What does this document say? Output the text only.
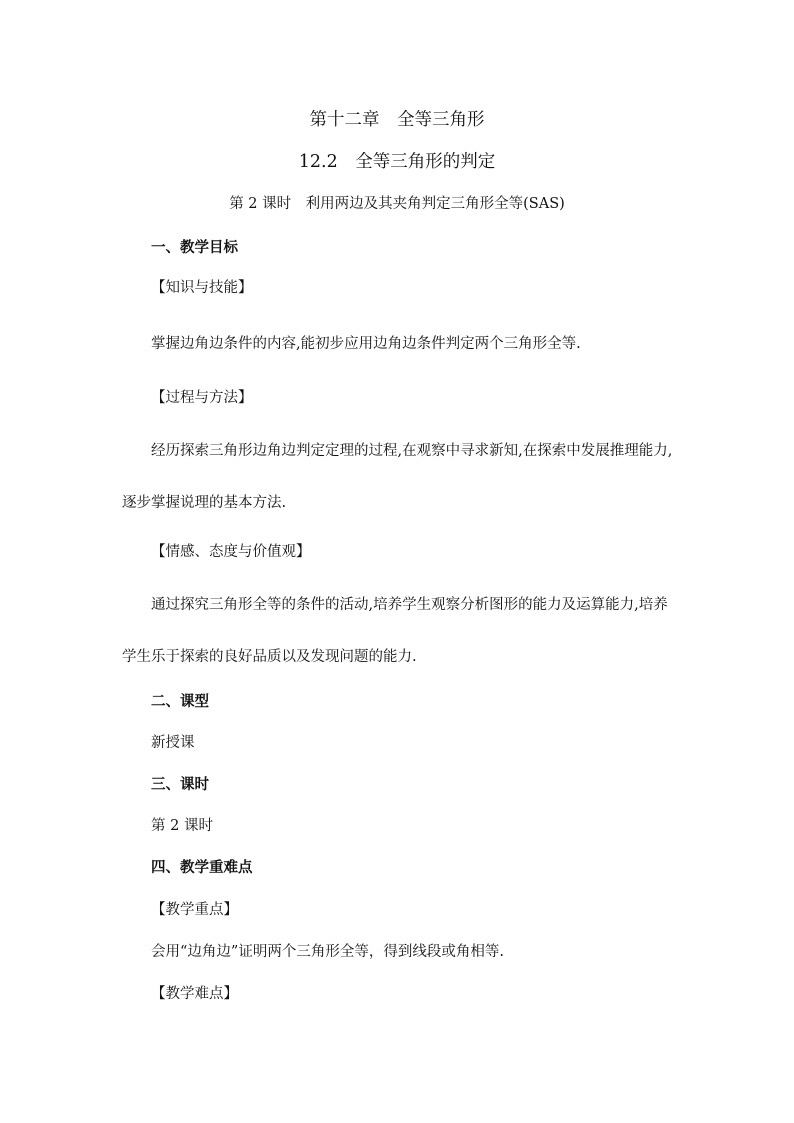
第十二章　全等三角形
12.2　全等三角形的判定
第 2 课时　利用两边及其夹角判定三角形全等(SAS)
一、教学目标
【知识与技能】
掌握边角边条件的内容,能初步应用边角边条件判定两个三角形全等.
【过程与方法】
经历探索三角形边角边判定定理的过程,在观察中寻求新知,在探索中发展推理能力,逐步掌握说理的基本方法.
【情感、态度与价值观】
通过探究三角形全等的条件的活动,培养学生观察分析图形的能力及运算能力,培养学生乐于探索的良好品质以及发现问题的能力.
二、课型
新授课
三、课时
第 2 课时
四、教学重难点
【教学重点】
会用“边角边”证明两个三角形全等，得到线段或角相等.
【教学难点】
